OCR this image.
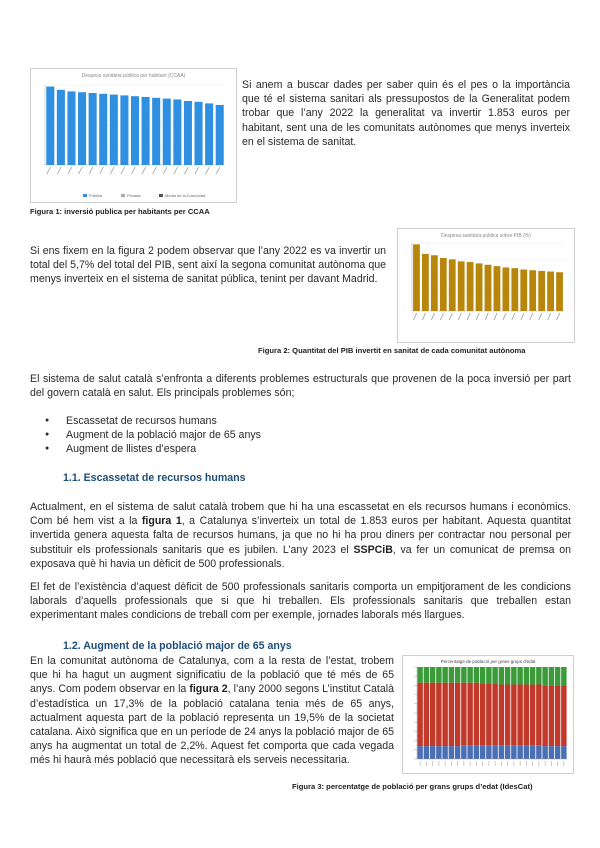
Despesa sanitària pública per habitant (CCAA)
Pública	Privada	Media de la Comunitat
Figura 1: inversió publica per habitants per CCAA

Si anem a buscar dades per saber quin és el pes o la importància que té el sistema sanitari als pressupostos de la Generalitat podem trobar que l’any 2022 la generalitat va invertir 1.853 euros per habitant, sent una de les comunitats autònomes que menys inverteix en el sistema de sanitat.

Despesa sanitària pública sobre PIB (%)
Figura 2: Quantitat del PIB invertit en sanitat de cada comunitat autònoma

Si ens fixem en la figura 2 podem observar que l’any 2022 es va invertir un total del 5,7% del total del PIB, sent així la segona comunitat autònoma que menys inverteix en el sistema de sanitat pública, tenint per davant Madrid.

El sistema de salut català s’enfronta a diferents problemes estructurals que provenen de la poca inversió per part del govern català en salut. Els principals problemes són;

● Escassetat de recursos humans
● Augment de la població major de 65 anys
● Augment de llistes d’espera
1.1. Escassetat de recursos humans

Actualment, en el sistema de salut català trobem que hi ha una escassetat en els recursos humans i econòmics. Com bé hem vist a la figura 1, a Catalunya s’inverteix un total de 1.853 euros per habitant. Aquesta quantitat invertida genera aquesta falta de recursos humans, ja que no hi ha prou diners per contractar nou personal per substituir els professionals sanitaris que es jubilen. L’any 2023 el SSPCiB, va fer un comunicat de premsa on exposava què hi havia un dèficit de 500 professionals.

El fet de l’existència d’aquest dèficit de 500 professionals sanitaris comporta un empitjorament de les condicions laborals d’aquells professionals que si que hi treballen. Els professionals sanitaris que treballen estan experimentant males condicions de treball com per exemple, jornades laborals més llargues.

1.2. Augment de la població major de 65 anys

En la comunitat autònoma de Catalunya, com a la resta de l’estat, trobem que hi ha hagut un augment significatiu de la població que té més de 65 anys. Com podem observar en la figura 2, l’any 2000 segons L’institut Català d’estadística un 17,3% de la població catalana tenia més de 65 anys, actualment aquesta part de la població representa un 19,5% de la societat catalana. Això significa que en un període de 24 anys la població major de 65 anys ha augmentat un total de 2,2%. Aquest fet comporta que cada vegada més hi haurà més població que necessitarà els serveis necessitaria.

Percentatge de població per grans grups d'edat
Figura 3: percentatge de població per grans grups d’edat (IdesCat)
